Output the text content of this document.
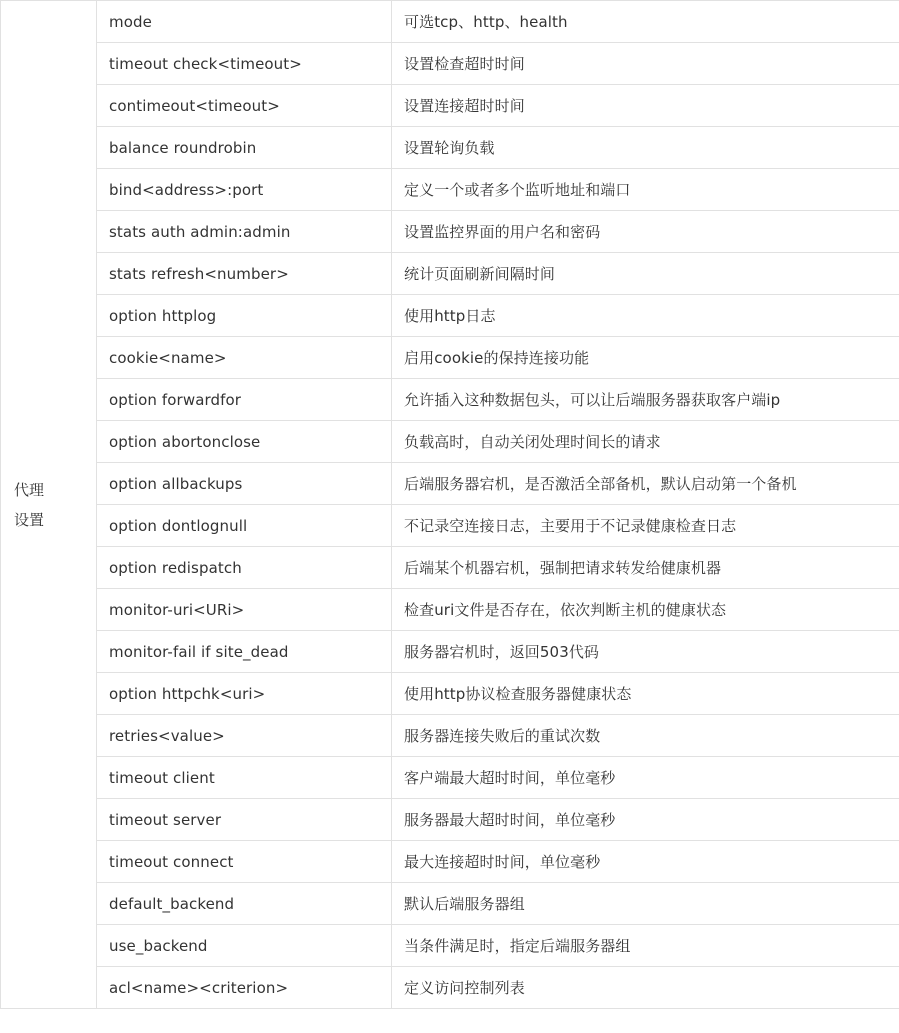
代理
设置	mode	可选tcp、http、health
	timeout check<timeout>	设置检查超时时间
	contimeout<timeout>	设置连接超时时间
	balance roundrobin	设置轮询负载
	bind<address>:port	定义一个或者多个监听地址和端口
	stats auth admin:admin	设置监控界面的用户名和密码
	stats refresh<number>	统计页面刷新间隔时间
	option httplog	使用http日志
	cookie<name>	启用cookie的保持连接功能
	option forwardfor	允许插入这种数据包头，可以让后端服务器获取客户端ip
	option abortonclose	负载高时，自动关闭处理时间长的请求
	option allbackups	后端服务器宕机，是否激活全部备机，默认启动第一个备机
	option dontlognull	不记录空连接日志，主要用于不记录健康检查日志
	option redispatch	后端某个机器宕机，强制把请求转发给健康机器
	monitor-uri<URi>	检查uri文件是否存在，依次判断主机的健康状态
	monitor-fail if site_dead	服务器宕机时，返回503代码
	option httpchk<uri>	使用http协议检查服务器健康状态
	retries<value>	服务器连接失败后的重试次数
	timeout client	客户端最大超时时间，单位毫秒
	timeout server	服务器最大超时时间，单位毫秒
	timeout connect	最大连接超时时间，单位毫秒
	default_backend	默认后端服务器组
	use_backend	当条件满足时，指定后端服务器组
	acl<name><criterion>	定义访问控制列表
